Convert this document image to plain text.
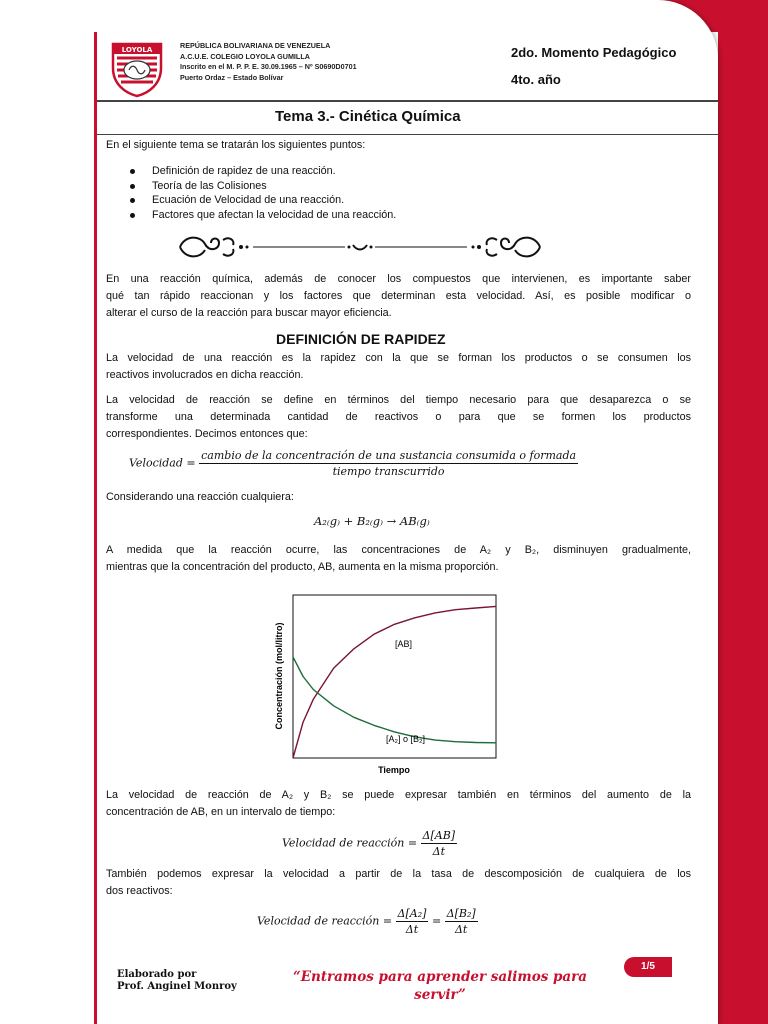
LOYOLA	REPÚBLICA BOLIVARIANA DE VENEZUELA
A.C.U.E. COLEGIO LOYOLA GUMILLA
Inscrito en el M. P. P. E. 30.09.1965 – Nº S0690D0701
Puerto Ordaz – Estado Bolívar
2do. Momento Pedagógico
4to. año
Tema 3.- Cinética Química
En el siguiente tema se tratarán los siguientes puntos:
Definición de rapidez de una reacción.
Teoría de las Colisiones
Ecuación de Velocidad de una reacción.
Factores que afectan la velocidad de una reacción.
En una reacción química, además de conocer los compuestos que intervienen, es importante saber
qué tan rápido reaccionan y los factores que determinan esta velocidad. Así, es posible modificar o
alterar el curso de la reacción para buscar mayor eficiencia.
DEFINICIÓN DE RAPIDEZ
La velocidad de una reacción es la rapidez con la que se forman los productos o se consumen los
reactivos involucrados en dicha reacción.
La velocidad de reacción se define en términos del tiempo necesario para que desaparezca o se
transforme una determinada cantidad de reactivos o para que se formen los productos
correspondientes. Decimos entonces que:
Velocidad =
cambio de la concentración de una sustancia consumida o formada
tiempo transcurrido
Considerando una reacción cualquiera:
A₂₍g₎ + B₂₍g₎ → AB₍g₎
A medida que la reacción ocurre, las concentraciones de A₂ y B₂, disminuyen gradualmente,
mientras que la concentración del producto, AB, aumenta en la misma proporción.
Concentración (mol/litro)
Tiempo
[AB]
[A₂] o [B₂]
La velocidad de reacción de A₂ y B₂ se puede expresar también en términos del aumento de la
concentración de AB, en un intervalo de tiempo:
Velocidad de reacción = $\frac{\Delta[AB]}{\Delta t}$
También podemos expresar la velocidad a partir de la tasa de descomposición de cualquiera de los
dos reactivos:
Velocidad de reacción = $\frac{\text{Δ[A₂]}}{\Delta t} = \frac{\text{Δ[B₂]}}{\Delta t}$
Elaborado por
Prof. Anginel Monroy
“Entramos para aprender salimos para
servir”
1/5
